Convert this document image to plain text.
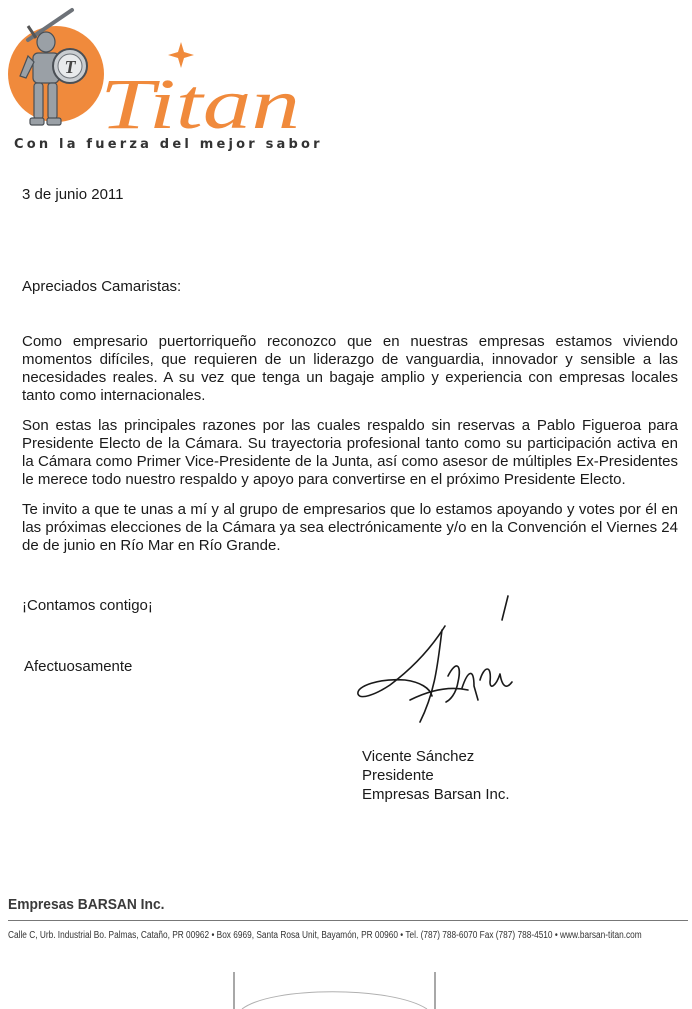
T Titan
Con la fuerza del mejor sabor
3 de junio 2011
Apreciados Camaristas:

Como empresario puertorriqueño reconozco que en nuestras empresas estamos viviendo momentos difíciles, que requieren de un liderazgo de vanguardia, innovador y sensible a las necesidades reales. A su vez que tenga un bagaje amplio y experiencia con empresas locales tanto como internacionales.

Son estas las principales razones por las cuales respaldo sin reservas a Pablo Figueroa para Presidente Electo de la Cámara. Su trayectoria profesional tanto como su participación activa en la Cámara como Primer Vice-Presidente de la Junta, así como asesor de múltiples Ex-Presidentes le merece todo nuestro respaldo y apoyo para convertirse en el próximo Presidente Electo.

Te invito a que te unas a mí y al grupo de empresarios que lo estamos apoyando y votes por él en las próximas elecciones de la Cámara ya sea electrónicamente y/o en la Convención el Viernes 24 de de junio en Río Mar en Río Grande.

¡Contamos contigo¡
Afectuosamente
Vicente Sánchez
Presidente
Empresas Barsan Inc.
Empresas BARSAN Inc.
Calle C, Urb. Industrial Bo. Palmas, Cataño, PR 00962 • Box 6969, Santa Rosa Unit, Bayamón, PR 00960 • Tel. (787) 788-6070 Fax (787) 788-4510 • www.barsan-titan.com
